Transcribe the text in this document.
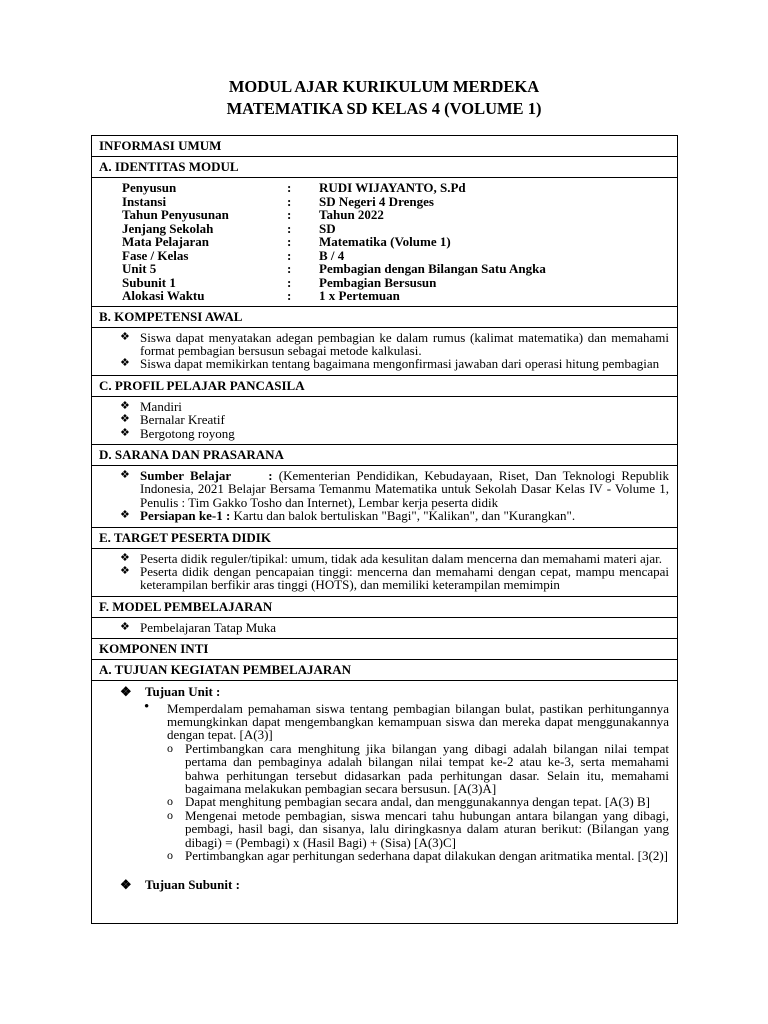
MODUL AJAR KURIKULUM MERDEKA
MATEMATIKA SD KELAS 4 (VOLUME 1)
INFORMASI UMUM
A. IDENTITAS MODUL

Penyusun	:	RUDI WIJAYANTO, S.Pd
Instansi	:	SD Negeri 4 Drenges
Tahun Penyusunan	:	Tahun 2022
Jenjang Sekolah	:	SD
Mata Pelajaran	:	Matematika (Volume 1)
Fase / Kelas	:	B / 4
Unit 5	:	Pembagian dengan Bilangan Satu Angka
Subunit 1	:	Pembagian Bersusun
Alokasi Waktu	:	1 x Pertemuan

B. KOMPETENSI AWAL

❖ Siswa dapat menyatakan adegan pembagian ke dalam rumus (kalimat matematika) dan memahami format pembagian bersusun sebagai metode kalkulasi.
❖ Siswa dapat memikirkan tentang bagaimana mengonfirmasi jawaban dari operasi hitung pembagian

C. PROFIL PELAJAR PANCASILA

❖ Mandiri
❖ Bernalar Kreatif
❖ Bergotong royong

D. SARANA DAN PRASARANA

❖ Sumber Belajar      : (Kementerian Pendidikan, Kebudayaan, Riset, Dan Teknologi Republik Indonesia, 2021 Belajar Bersama Temanmu Matematika untuk Sekolah Dasar Kelas IV - Volume 1, Penulis : Tim Gakko Tosho dan Internet), Lembar kerja peserta didik
❖ Persiapan ke-1 : Kartu dan balok bertuliskan "Bagi", "Kalikan", dan "Kurangkan".

E. TARGET PESERTA DIDIK

❖ Peserta didik reguler/tipikal: umum, tidak ada kesulitan dalam mencerna dan memahami materi ajar.
❖ Peserta didik dengan pencapaian tinggi: mencerna dan memahami dengan cepat, mampu mencapai keterampilan berfikir aras tinggi (HOTS), dan memiliki keterampilan memimpin

F. MODEL PEMBELAJARAN

❖ Pembelajaran Tatap Muka

KOMPONEN INTI
A. TUJUAN KEGIATAN PEMBELAJARAN

❖ Tujuan Unit :
• Memperdalam pemahaman siswa tentang pembagian bilangan bulat, pastikan perhitungannya memungkinkan dapat mengembangkan kemampuan siswa dan mereka dapat menggunakannya dengan tepat. [A(3)]
o Pertimbangkan cara menghitung jika bilangan yang dibagi adalah bilangan nilai tempat pertama dan pembaginya adalah bilangan nilai tempat ke-2 atau ke-3, serta memahami bahwa perhitungan tersebut didasarkan pada perhitungan dasar. Selain itu, memahami bagaimana melakukan pembagian secara bersusun. [A(3)A]
o Dapat menghitung pembagian secara andal, dan menggunakannya dengan tepat. [A(3) B]
o Mengenai metode pembagian, siswa mencari tahu hubungan antara bilangan yang dibagi, pembagi, hasil bagi, dan sisanya, lalu diringkasnya dalam aturan berikut: (Bilangan yang dibagi) = (Pembagi) x (Hasil Bagi) + (Sisa) [A(3)C]
o Pertimbangkan agar perhitungan sederhana dapat dilakukan dengan aritmatika mental. [3(2)]
❖ Tujuan Subunit :
